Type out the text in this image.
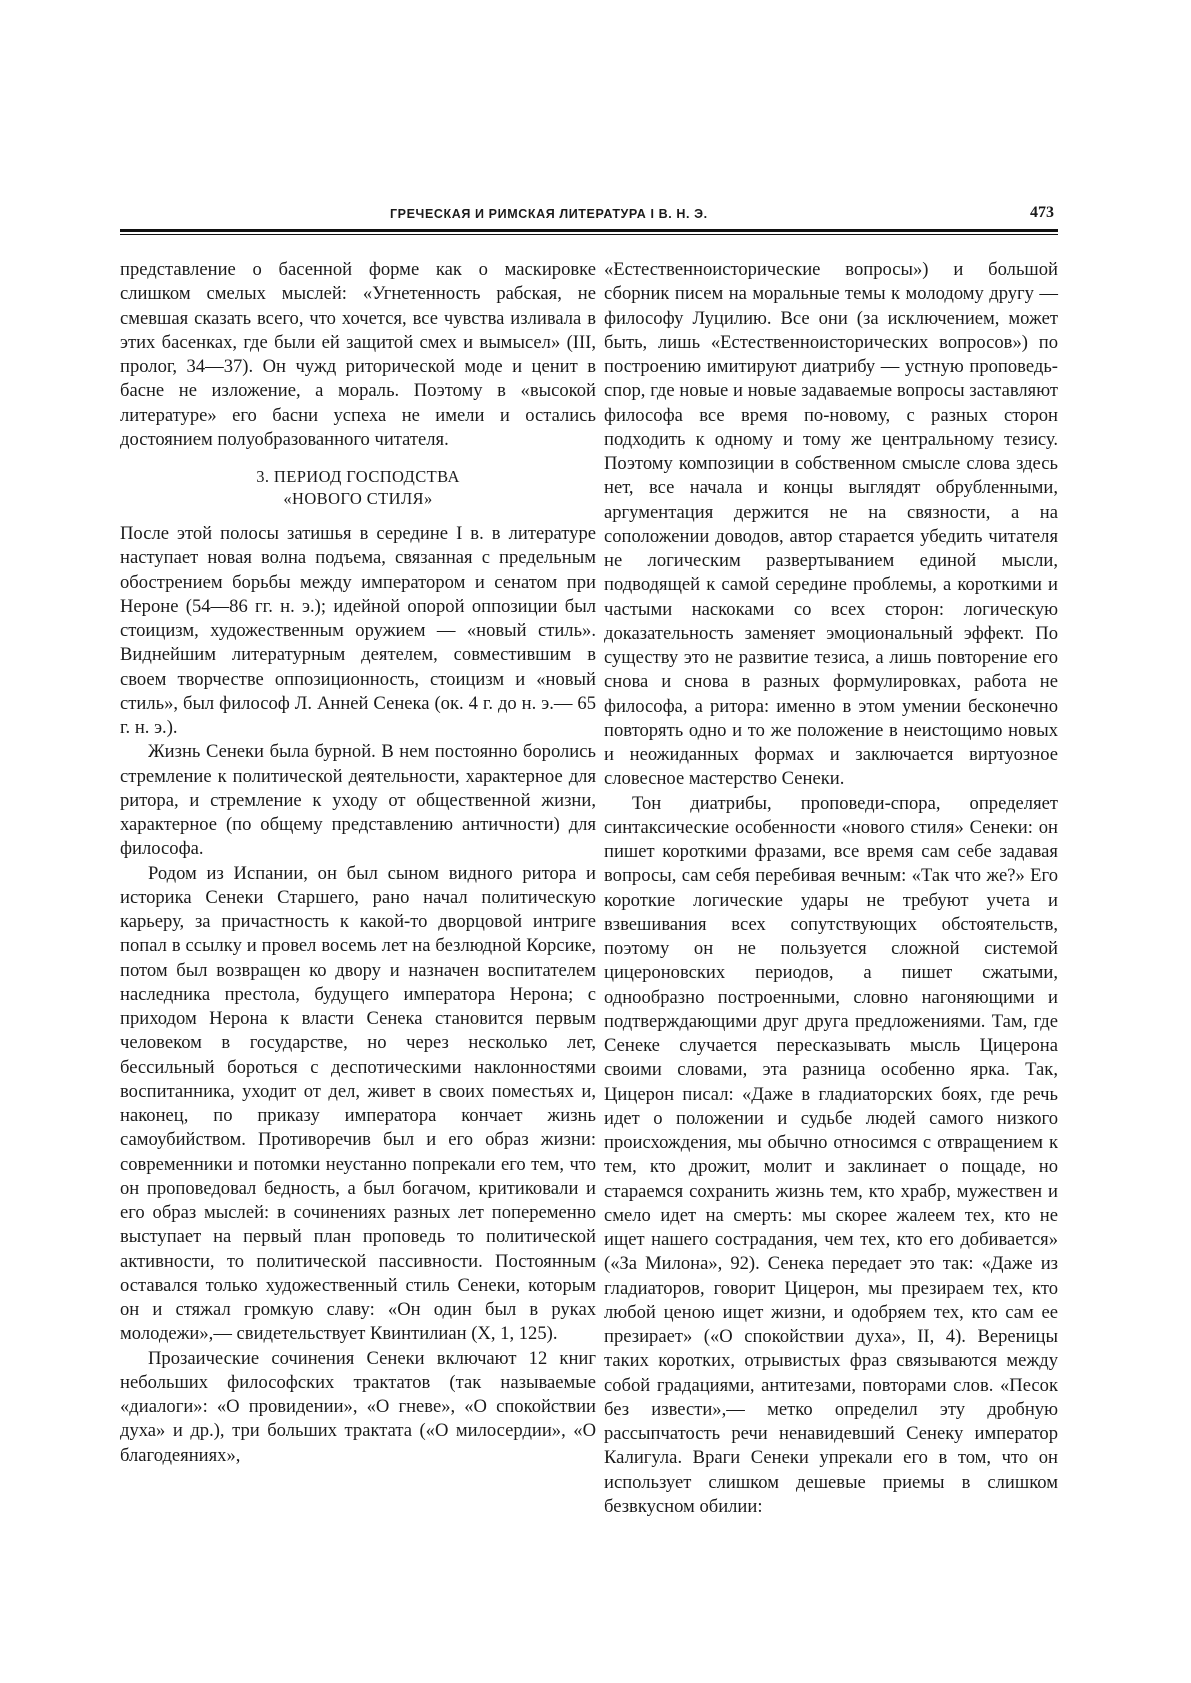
ГРЕЧЕСКАЯ И РИМСКАЯ ЛИТЕРАТУРА I В. Н. Э.	473

представление о басенной форме как о маскировке слишком смелых мыслей: «Угнетенность рабская, не смевшая сказать всего, что хочется, все чувства изливала в этих басенках, где были ей защитой смех и вымысел» (III, пролог, 34—37). Он чужд риторической моде и ценит в басне не изложение, а мораль. Поэтому в «высокой литературе» его басни успеха не имели и остались достоянием полуобразованного читателя.

3. ПЕРИОД ГОСПОДСТВА
«НОВОГО СТИЛЯ»

После этой полосы затишья в середине I в. в литературе наступает новая волна подъема, связанная с предельным обострением борьбы между императором и сенатом при Нероне (54—86 гг. н. э.); идейной опорой оппозиции был стоицизм, художественным оружием — «новый стиль». Виднейшим литературным деятелем, совместившим в своем творчестве оппозиционность, стоицизм и «новый стиль», был философ Л. Анней Сенека (ок. 4 г. до н. э.— 65 г. н. э.).

Жизнь Сенеки была бурной. В нем постоянно боролись стремление к политической деятельности, характерное для ритора, и стремление к уходу от общественной жизни, характерное (по общему представлению античности) для философа.

Родом из Испании, он был сыном видного ритора и историка Сенеки Старшего, рано начал политическую карьеру, за причастность к какой-то дворцовой интриге попал в ссылку и провел восемь лет на безлюдной Корсике, потом был возвращен ко двору и назначен воспитателем наследника престола, будущего императора Нерона; с приходом Нерона к власти Сенека становится первым человеком в государстве, но через несколько лет, бессильный бороться с деспотическими наклонностями воспитанника, уходит от дел, живет в своих поместьях и, наконец, по приказу императора кончает жизнь самоубийством. Противоречив был и его образ жизни: современники и потомки неустанно попрекали его тем, что он проповедовал бедность, а был богачом, критиковали и его образ мыслей: в сочинениях разных лет попеременно выступает на первый план проповедь то политической активности, то политической пассивности. Постоянным оставался только художественный стиль Сенеки, которым он и стяжал громкую славу: «Он один был в руках молодежи»,— свидетельствует Квинтилиан (X, 1, 125).

Прозаические сочинения Сенеки включают 12 книг небольших философских трактатов (так называемые «диалоги»: «О провидении», «О гневе», «О спокойствии духа» и др.), три больших трактата («О милосердии», «О благодеяниях»,

«Естественноисторические вопросы») и большой сборник писем на моральные темы к молодому другу — философу Луцилию. Все они (за исключением, может быть, лишь «Естественноисторических вопросов») по построению имитируют диатрибу — устную проповедь-спор, где новые и новые задаваемые вопросы заставляют философа все время по-новому, с разных сторон подходить к одному и тому же центральному тезису. Поэтому композиции в собственном смысле слова здесь нет, все начала и концы выглядят обрубленными, аргументация держится не на связности, а на соположении доводов, автор старается убедить читателя не логическим развертыванием единой мысли, подводящей к самой середине проблемы, а короткими и частыми наскоками со всех сторон: логическую доказательность заменяет эмоциональный эффект. По существу это не развитие тезиса, а лишь повторение его снова и снова в разных формулировках, работа не философа, а ритора: именно в этом умении бесконечно повторять одно и то же положение в неистощимо новых и неожиданных формах и заключается виртуозное словесное мастерство Сенеки.

Тон диатрибы, проповеди-спора, определяет синтаксические особенности «нового стиля» Сенеки: он пишет короткими фразами, все время сам себе задавая вопросы, сам себя перебивая вечным: «Так что же?» Его короткие логические удары не требуют учета и взвешивания всех сопутствующих обстоятельств, поэтому он не пользуется сложной системой цицероновских периодов, а пишет сжатыми, однообразно построенными, словно нагоняющими и подтверждающими друг друга предложениями. Там, где Сенеке случается пересказывать мысль Цицерона своими словами, эта разница особенно ярка. Так, Цицерон писал: «Даже в гладиаторских боях, где речь идет о положении и судьбе людей самого низкого происхождения, мы обычно относимся с отвращением к тем, кто дрожит, молит и заклинает о пощаде, но стараемся сохранить жизнь тем, кто храбр, мужествен и смело идет на смерть: мы скорее жалеем тех, кто не ищет нашего сострадания, чем тех, кто его добивается» («За Милона», 92). Сенека передает это так: «Даже из гладиаторов, говорит Цицерон, мы презираем тех, кто любой ценою ищет жизни, и одобряем тех, кто сам ее презирает» («О спокойствии духа», II, 4). Вереницы таких коротких, отрывистых фраз связываются между собой градациями, антитезами, повторами слов. «Песок без извести»,— метко определил эту дробную рассыпчатость речи ненавидевший Сенеку император Калигула. Враги Сенеки упрекали его в том, что он использует слишком дешевые приемы в слишком безвкусном обилии:
